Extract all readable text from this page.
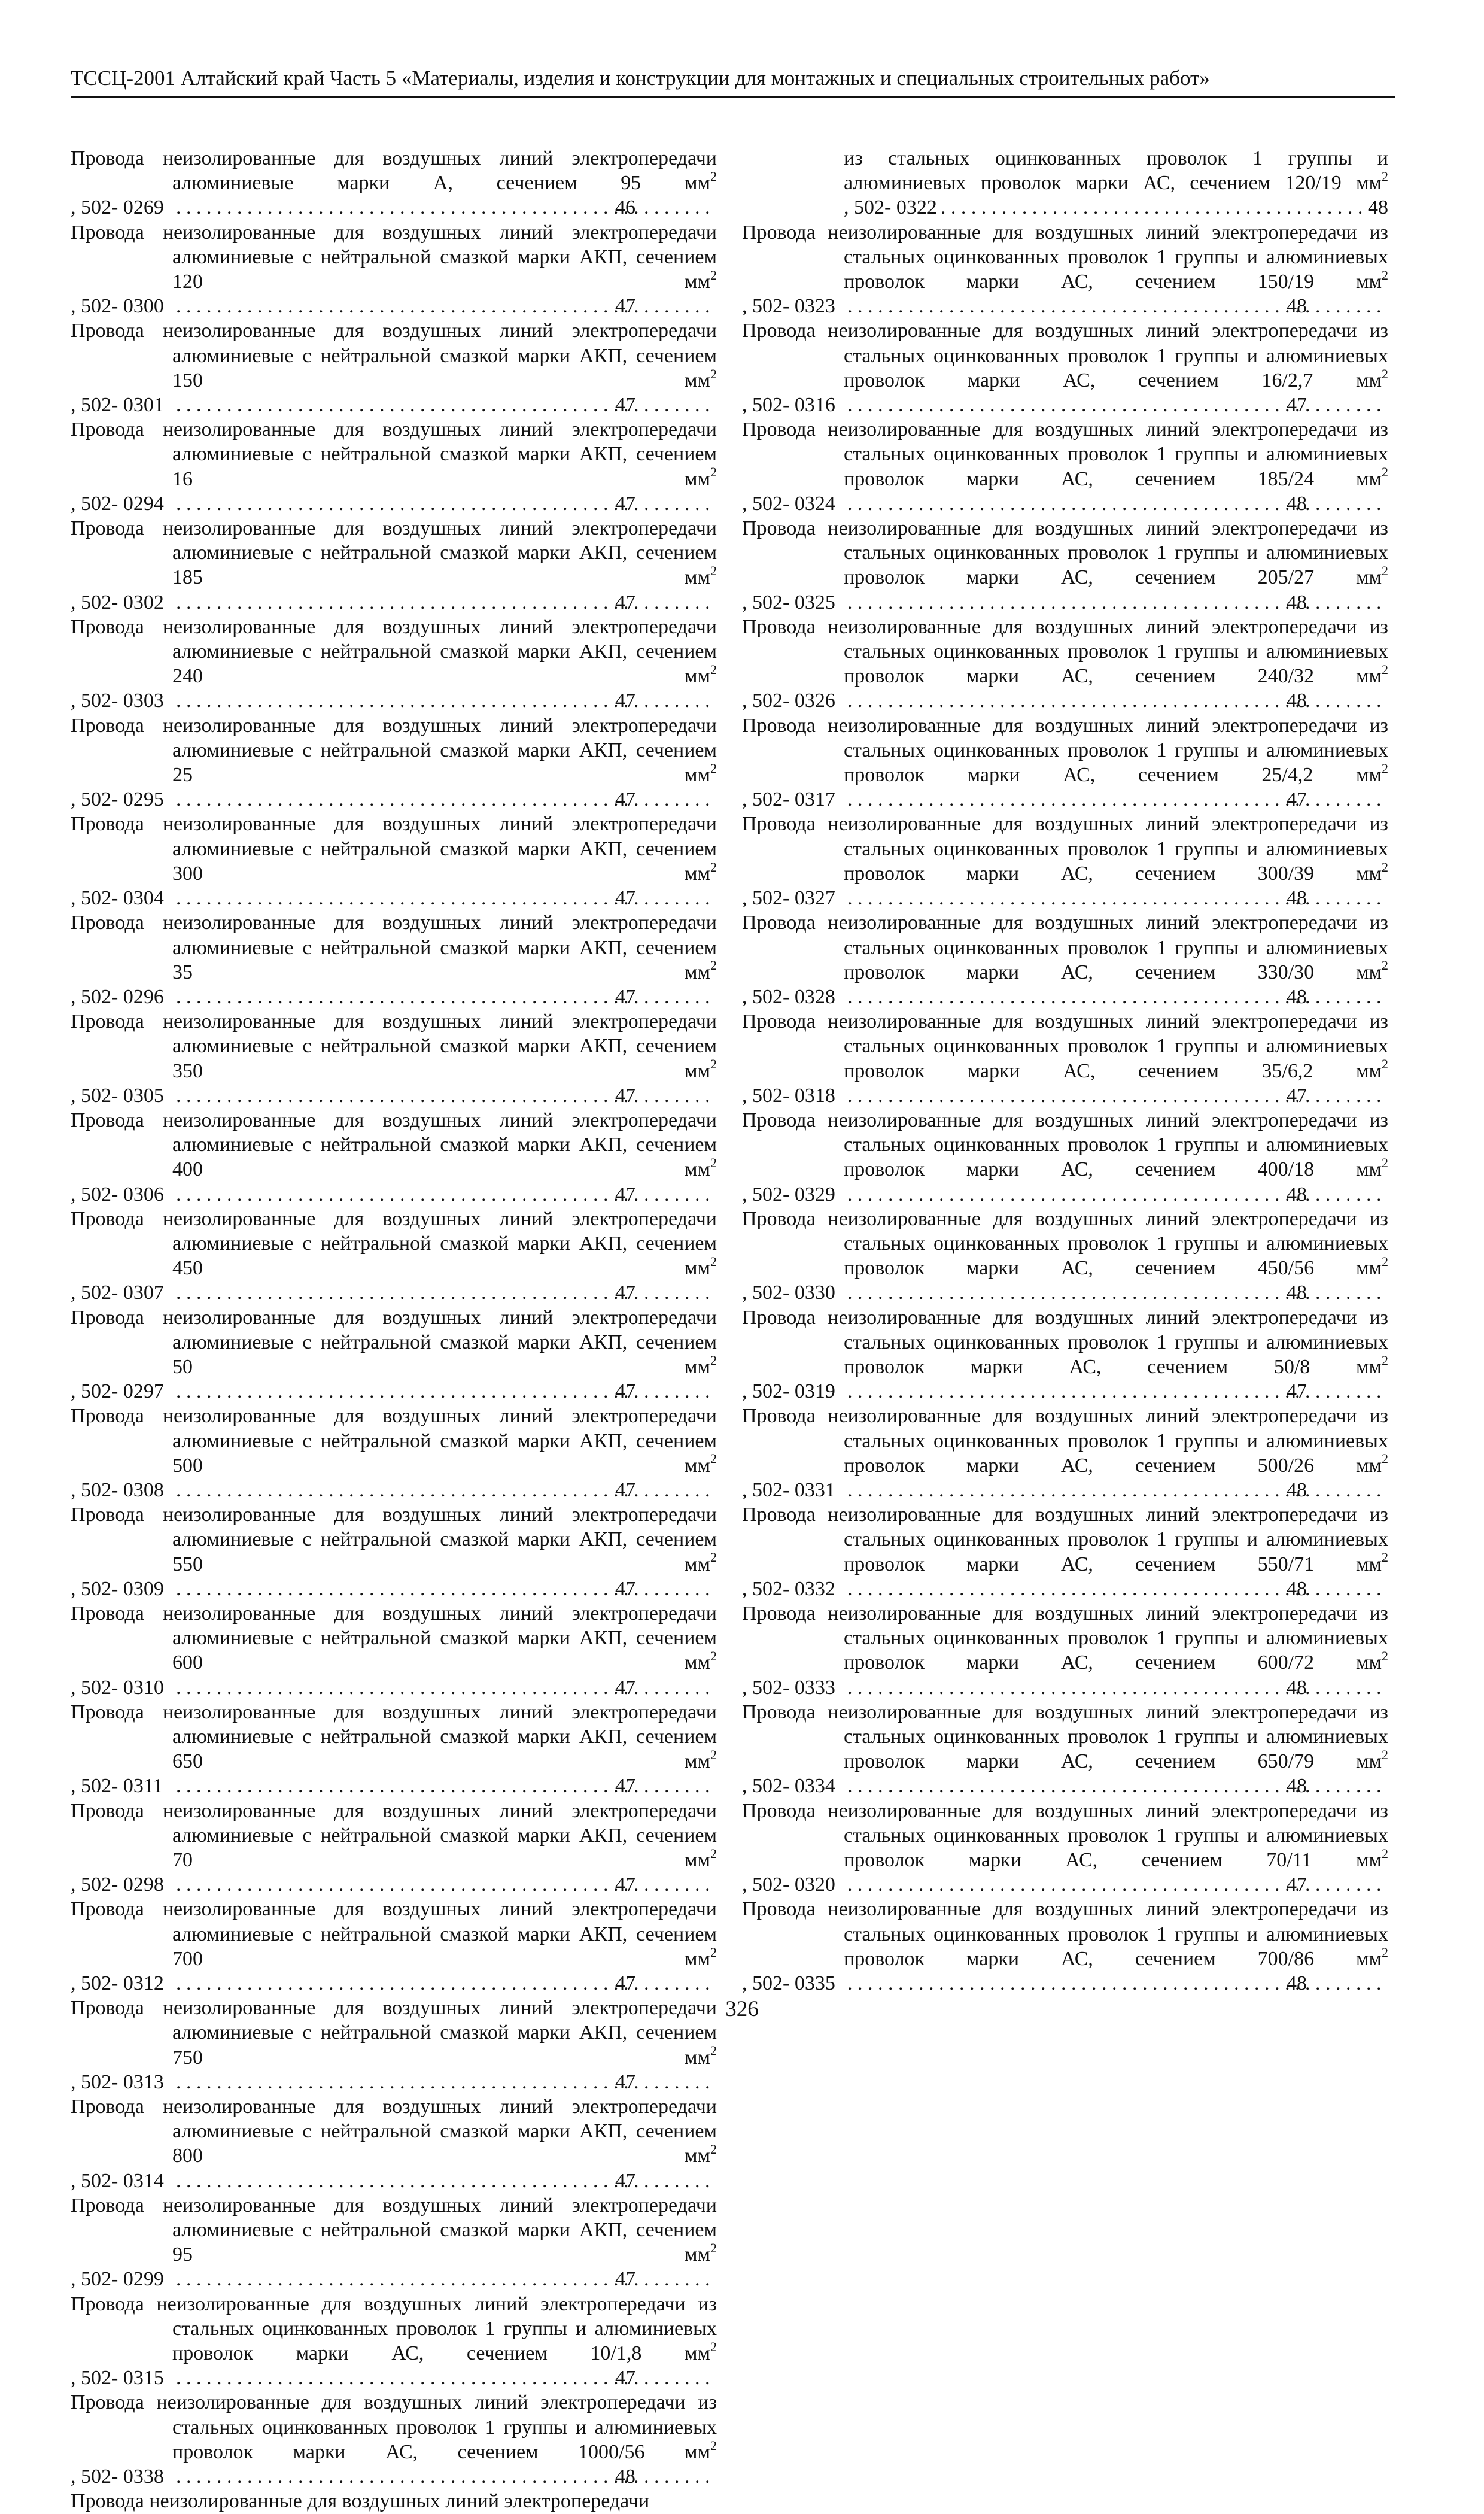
ТССЦ-2001 Алтайский край Часть 5 «Материалы, изделия и конструкции для монтажных и специальных строительных работ»
Провода неизолированные для воздушных линий электропередачи алюминиевые марки А, сечением 95 $мм^2$
, 502- 0269 . . .	46
Провода неизолированные для воздушных линий электропередачи алюминиевые с нейтральной смазкой марки АКП, сечением 120 $мм^2$
, 502- 0300 . . .	47
Провода неизолированные для воздушных линий электропередачи алюминиевые с нейтральной смазкой марки АКП, сечением 150 $мм^2$
, 502- 0301 . . .	47
Провода неизолированные для воздушных линий электропередачи алюминиевые с нейтральной смазкой марки АКП, сечением 16 $мм^2$
, 502- 0294 . . .	47
Провода неизолированные для воздушных линий электропередачи алюминиевые с нейтральной смазкой марки АКП, сечением 185 $мм^2$
, 502- 0302 . . .	47
Провода неизолированные для воздушных линий электропередачи алюминиевые с нейтральной смазкой марки АКП, сечением 240 $мм^2$
, 502- 0303 . . .	47
Провода неизолированные для воздушных линий электропередачи алюминиевые с нейтральной смазкой марки АКП, сечением 25 $мм^2$
, 502- 0295 . . .	47
Провода неизолированные для воздушных линий электропередачи алюминиевые с нейтральной смазкой марки АКП, сечением 300 $мм^2$
, 502- 0304 . . .	47
Провода неизолированные для воздушных линий электропередачи алюминиевые с нейтральной смазкой марки АКП, сечением 35 $мм^2$
, 502- 0296 . . .	47
Провода неизолированные для воздушных линий электропередачи алюминиевые с нейтральной смазкой марки АКП, сечением 350 $мм^2$
, 502- 0305 . . .	47
Провода неизолированные для воздушных линий электропередачи алюминиевые с нейтральной смазкой марки АКП, сечением 400 $мм^2$
, 502- 0306 . . .	47
Провода неизолированные для воздушных линий электропередачи алюминиевые с нейтральной смазкой марки АКП, сечением 450 $мм^2$
, 502- 0307 . . .	47
Провода неизолированные для воздушных линий электропередачи алюминиевые с нейтральной смазкой марки АКП, сечением 50 $мм^2$
, 502- 0297 . . .	47
Провода неизолированные для воздушных линий электропередачи алюминиевые с нейтральной смазкой марки АКП, сечением 500 $мм^2$
, 502- 0308 . . .	47
Провода неизолированные для воздушных линий электропередачи алюминиевые с нейтральной смазкой марки АКП, сечением 550 $мм^2$
, 502- 0309 . . .	47
Провода неизолированные для воздушных линий электропередачи алюминиевые с нейтральной смазкой марки АКП, сечением 600 $мм^2$
, 502- 0310 . . .	47
Провода неизолированные для воздушных линий электропередачи алюминиевые с нейтральной смазкой марки АКП, сечением 650 $мм^2$
, 502- 0311 . . .	47
Провода неизолированные для воздушных линий электропередачи алюминиевые с нейтральной смазкой марки АКП, сечением 70 $мм^2$
, 502- 0298 . . .	47
Провода неизолированные для воздушных линий электропередачи алюминиевые с нейтральной смазкой марки АКП, сечением 700 $мм^2$
, 502- 0312 . . .	47
Провода неизолированные для воздушных линий электропередачи алюминиевые с нейтральной смазкой марки АКП, сечением 750 $мм^2$
, 502- 0313 . . .	47
Провода неизолированные для воздушных линий электропередачи алюминиевые с нейтральной смазкой марки АКП, сечением 800 $мм^2$
, 502- 0314 . . .	47
Провода неизолированные для воздушных линий электропередачи алюминиевые с нейтральной смазкой марки АКП, сечением 95 $мм^2$
, 502- 0299 . . .	47
Провода неизолированные для воздушных линий электропередачи из стальных оцинкованных проволок 1 группы и алюминиевых проволок марки АС, сечением 10/1,8 $мм^2$
, 502- 0315 . . .	47
Провода неизолированные для воздушных линий электропередачи из стальных оцинкованных проволок 1 группы и алюминиевых проволок марки АС, сечением 1000/56 $мм^2$
, 502- 0338 . . .	48
Провода неизолированные для воздушных линий электропередачи
из стальных оцинкованных проволок 1 группы и алюминиевых проволок марки АС, сечением 120/19 $мм^2$
, 502- 0322 . . .	48
Провода неизолированные для воздушных линий электропередачи из стальных оцинкованных проволок 1 группы и алюминиевых проволок марки АС, сечением 150/19 $мм^2$
, 502- 0323 . . .	48
Провода неизолированные для воздушных линий электропередачи из стальных оцинкованных проволок 1 группы и алюминиевых проволок марки АС, сечением 16/2,7 $мм^2$
, 502- 0316 . . .	47
Провода неизолированные для воздушных линий электропередачи из стальных оцинкованных проволок 1 группы и алюминиевых проволок марки АС, сечением 185/24 $мм^2$
, 502- 0324 . . .	48
Провода неизолированные для воздушных линий электропередачи из стальных оцинкованных проволок 1 группы и алюминиевых проволок марки АС, сечением 205/27 $мм^2$
, 502- 0325 . . .	48
Провода неизолированные для воздушных линий электропередачи из стальных оцинкованных проволок 1 группы и алюминиевых проволок марки АС, сечением 240/32 $мм^2$
, 502- 0326 . . .	48
Провода неизолированные для воздушных линий электропередачи из стальных оцинкованных проволок 1 группы и алюминиевых проволок марки АС, сечением 25/4,2 $мм^2$
, 502- 0317 . . .	47
Провода неизолированные для воздушных линий электропередачи из стальных оцинкованных проволок 1 группы и алюминиевых проволок марки АС, сечением 300/39 $мм^2$
, 502- 0327 . . .	48
Провода неизолированные для воздушных линий электропередачи из стальных оцинкованных проволок 1 группы и алюминиевых проволок марки АС, сечением 330/30 $мм^2$
, 502- 0328 . . .	48
Провода неизолированные для воздушных линий электропередачи из стальных оцинкованных проволок 1 группы и алюминиевых проволок марки АС, сечением 35/6,2 $мм^2$
, 502- 0318 . . .	47
Провода неизолированные для воздушных линий электропередачи из стальных оцинкованных проволок 1 группы и алюминиевых проволок марки АС, сечением 400/18 $мм^2$
, 502- 0329 . . .	48
Провода неизолированные для воздушных линий электропередачи из стальных оцинкованных проволок 1 группы и алюминиевых проволок марки АС, сечением 450/56 $мм^2$
, 502- 0330 . . .	48
Провода неизолированные для воздушных линий электропередачи из стальных оцинкованных проволок 1 группы и алюминиевых проволок марки АС, сечением 50/8 $мм^2$
, 502- 0319 . . .	47
Провода неизолированные для воздушных линий электропередачи из стальных оцинкованных проволок 1 группы и алюминиевых проволок марки АС, сечением 500/26 $мм^2$
, 502- 0331 . . .	48
Провода неизолированные для воздушных линий электропередачи из стальных оцинкованных проволок 1 группы и алюминиевых проволок марки АС, сечением 550/71 $мм^2$
, 502- 0332 . . .	48
Провода неизолированные для воздушных линий электропередачи из стальных оцинкованных проволок 1 группы и алюминиевых проволок марки АС, сечением 600/72 $мм^2$
, 502- 0333 . . .	48
Провода неизолированные для воздушных линий электропередачи из стальных оцинкованных проволок 1 группы и алюминиевых проволок марки АС, сечением 650/79 $мм^2$
, 502- 0334 . . .	48
Провода неизолированные для воздушных линий электропередачи из стальных оцинкованных проволок 1 группы и алюминиевых проволок марки АС, сечением 70/11 $мм^2$
, 502- 0320 . . .	47
Провода неизолированные для воздушных линий электропередачи из стальных оцинкованных проволок 1 группы и алюминиевых проволок марки АС, сечением 700/86 $мм^2$
, 502- 0335 . . .	48
326
